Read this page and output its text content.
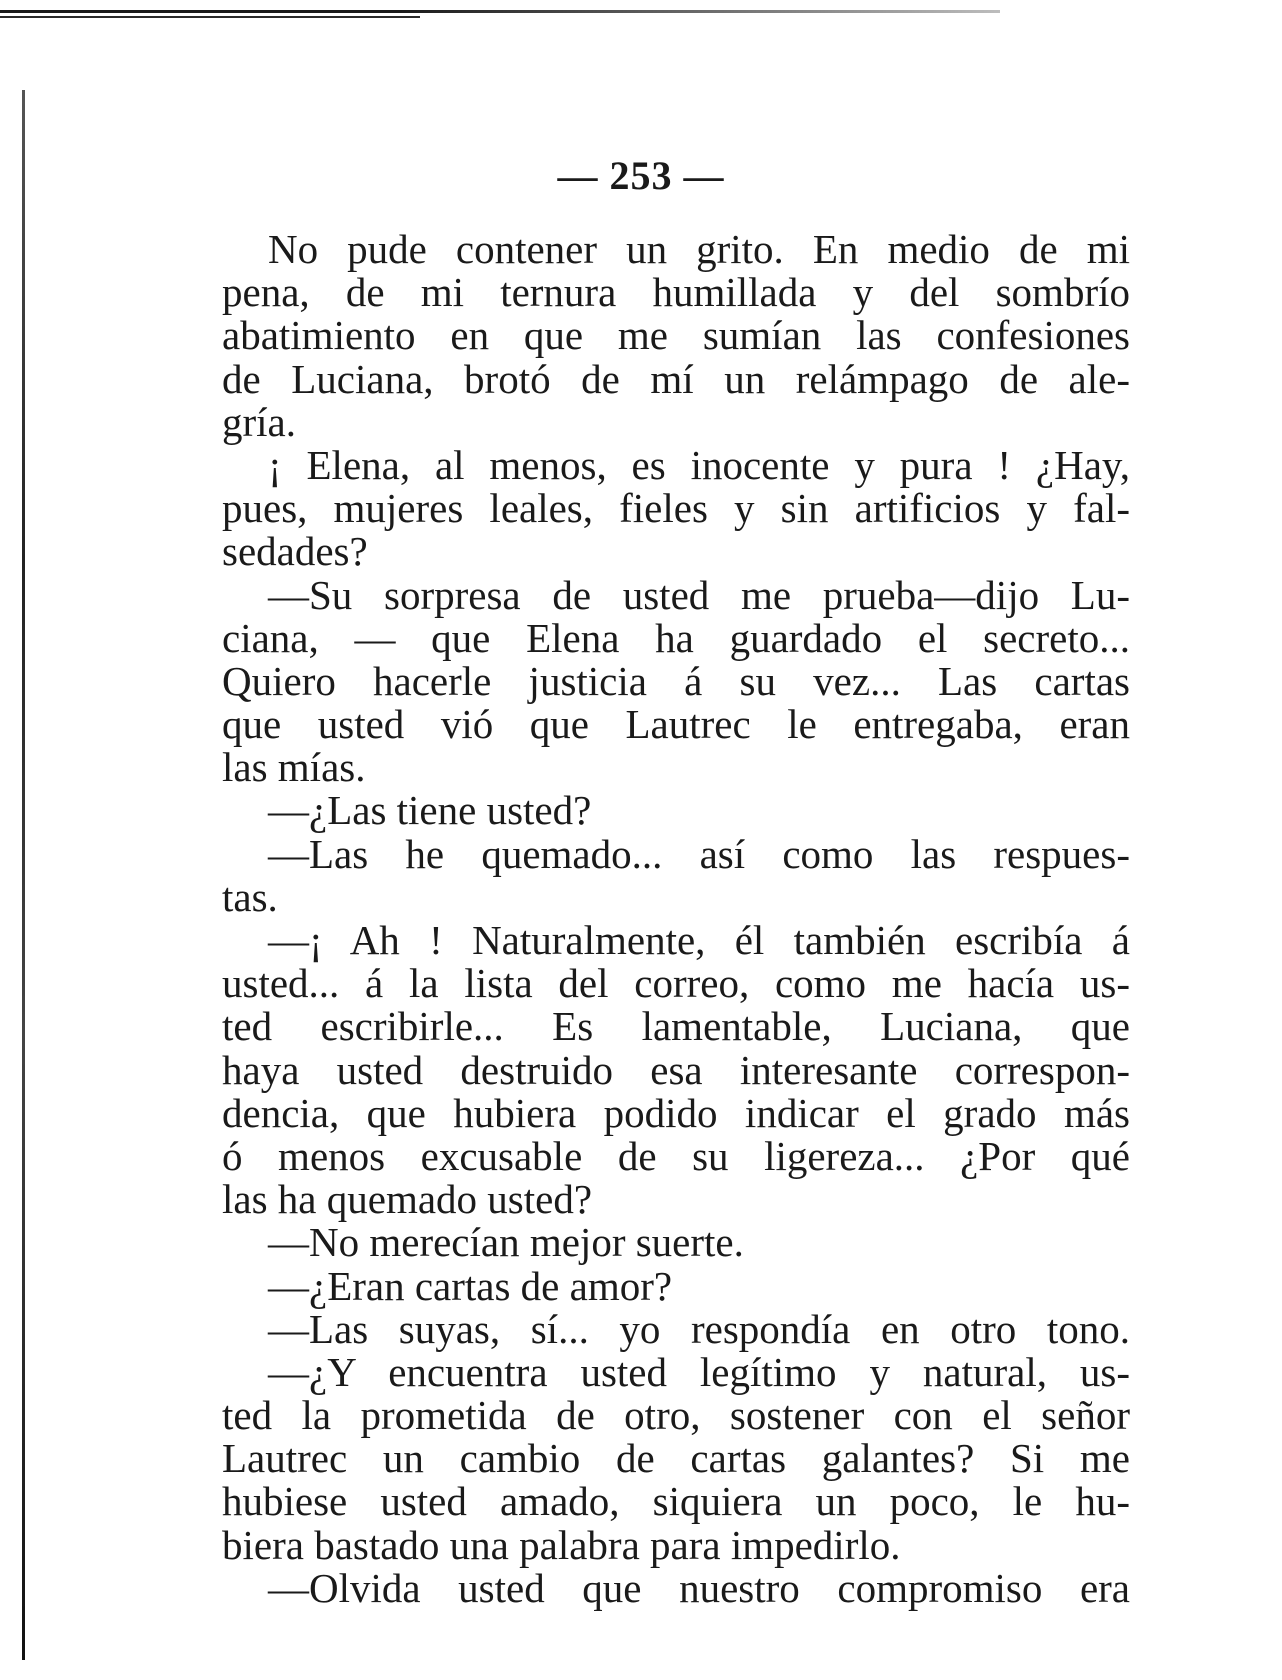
— 253 —
No pude contener un grito. En medio de mi
pena, de mi ternura humillada y del sombrío
abatimiento en que me sumían las confesiones
de Luciana, brotó de mí un relámpago de ale-
gría.
¡ Elena, al menos, es inocente y pura ! ¿Hay,
pues, mujeres leales, fieles y sin artificios y fal-
sedades?
—Su sorpresa de usted me prueba—dijo Lu-
ciana, — que Elena ha guardado el secreto...
Quiero hacerle justicia á su vez... Las cartas
que usted vió que Lautrec le entregaba, eran
las mías.
—¿Las tiene usted?
—Las he quemado... así como las respues-
tas.
—¡ Ah ! Naturalmente, él también escribía á
usted... á la lista del correo, como me hacía us-
ted escribirle... Es lamentable, Luciana, que
haya usted destruido esa interesante correspon-
dencia, que hubiera podido indicar el grado más
ó menos excusable de su ligereza... ¿Por qué
las ha quemado usted?
—No merecían mejor suerte.
—¿Eran cartas de amor?
—Las suyas, sí... yo respondía en otro tono.
—¿Y encuentra usted legítimo y natural, us-
ted la prometida de otro, sostener con el señor
Lautrec un cambio de cartas galantes? Si me
hubiese usted amado, siquiera un poco, le hu-
biera bastado una palabra para impedirlo.
—Olvida usted que nuestro compromiso era
